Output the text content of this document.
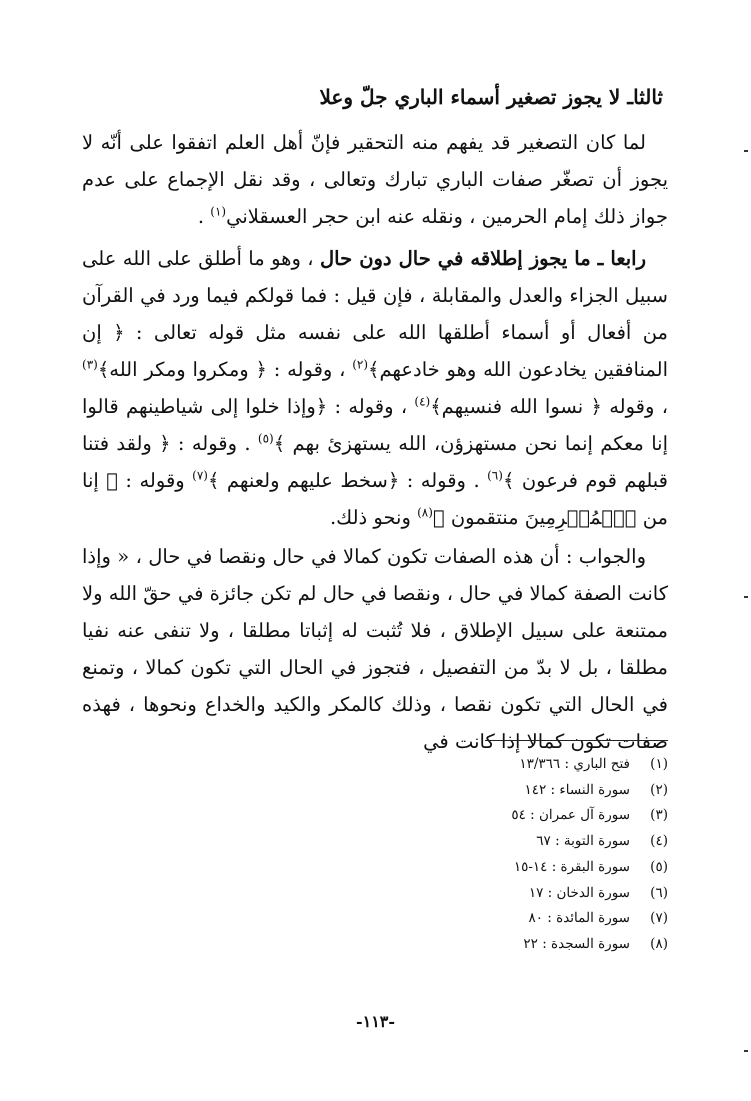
ثالثاـ لا يجوز تصغير أسماء الباري جلّ وعلا

لما كان التصغير قد يفهم منه التحقير فإنّ أهل العلم اتفقوا على أنّه لا يجوز أن تصغّر صفات الباري تبارك وتعالى ، وقد نقل الإجماع على عدم جواز ذلك إمام الحرمين ، ونقله عنه ابن حجر العسقلاني$^{(١)}$ .

رابعا ـ ما يجوز إطلاقه في حال دون حال ، وهو ما أطلق على الله على سبيل الجزاء والعدل والمقابلة ، فإن قيل : فما قولكم فيما ورد في القرآن من أفعال أو أسماء أطلقها الله على نفسه مثل قوله تعالى : ﴿ إن المنافقين يخادعون الله وهو خادعهم﴾$^{(٢)}$ ، وقوله : ﴿ ومكروا ومكر الله﴾$^{(٣)}$ ، وقوله ﴿ نسوا الله فنسيهم﴾$^{(٤)}$ ، وقوله : ﴿وإذا خلوا إلى شياطينهم قالوا إنا معكم إنما نحن مستهزؤن، الله يستهزئ بهم ﴾$^{(٥)}$ . وقوله : ﴿ ولقد فتنا قبلهم قوم فرعون ﴾$^{(٦)}$ . وقوله : ﴿سخط عليهم ولعنهم ﴾$^{(٧)}$ وقوله : ﴿ إنا من ٱلۡمُجۡرِمِينَ منتقمون ﴾$^{(٨)}$ ونحو ذلك.

والجواب : أن هذه الصفات تكون كمالا في حال ونقصا في حال ، « وإذا كانت الصفة كمالا في حال ، ونقصا في حال لم تكن جائزة في حقّ الله ولا ممتنعة على سبيل الإطلاق ، فلا تُثبت له إثباتا مطلقا ، ولا تنفى عنه نفيا مطلقا ، بل لا بدّ من التفصيل ، فتجوز في الحال التي تكون كمالا ، وتمنع في الحال التي تكون نقصا ، وذلك كالمكر والكيد والخداع ونحوها ، فهذه صفات تكون كمالا إذا كانت في

(١)
فتح الباري : ١٣/٣٦٦
(٢)
سورة النساء : ١٤٢
(٣)
سورة آل عمران : ٥٤
(٤)
سورة التوبة : ٦٧
(٥)
سورة البقرة : ١٤-١٥
(٦)
سورة الدخان : ١٧
(٧)
سورة المائدة : ٨٠
(٨)
سورة السجدة : ٢٢
-١١٣-
